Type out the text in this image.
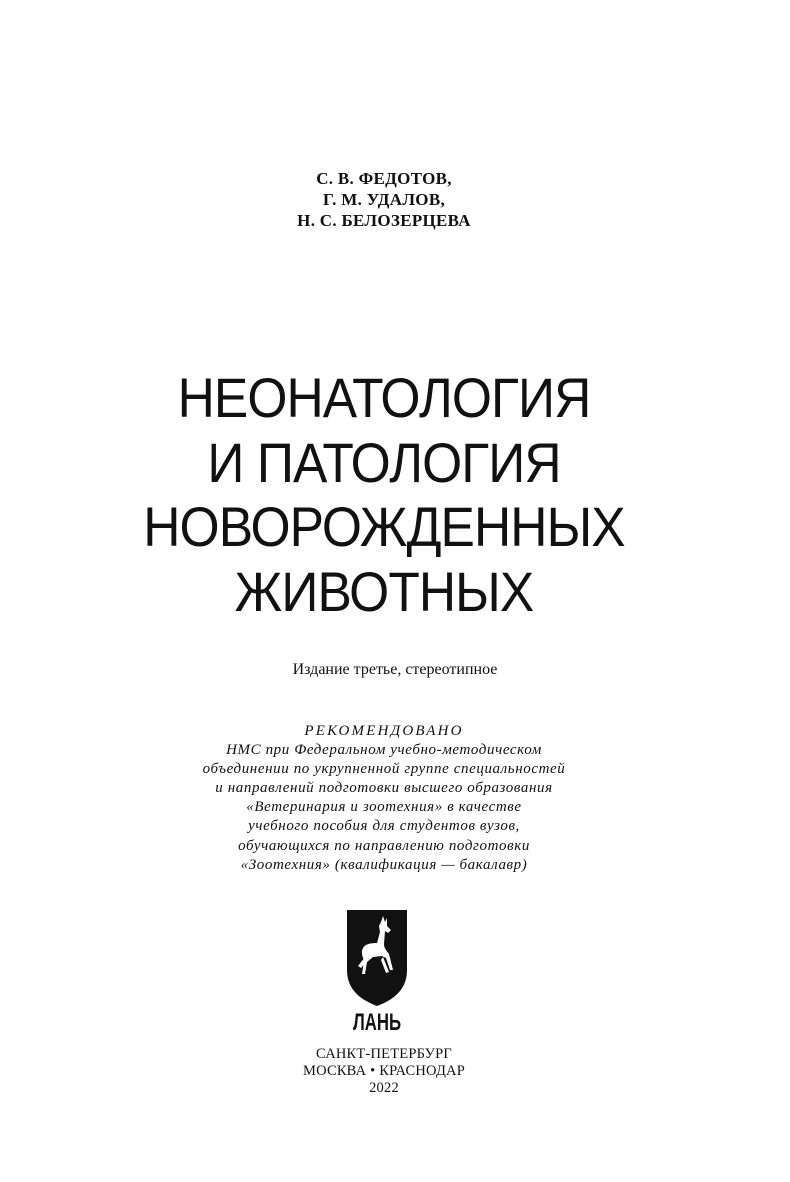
С. В. ФЕДОТОВ,
Г. М. УДАЛОВ,
Н. С. БЕЛОЗЕРЦЕВА
НЕОНАТОЛОГИЯ
И ПАТОЛОГИЯ
НОВОРОЖДЕННЫХ
ЖИВОТНЫХ
Издание третье, стереотипное
РЕКОМЕНДОВАНО
НМС при Федеральном учебно-методическом
объединении по укрупненной группе специальностей
и направлений подготовки высшего образования
«Ветеринария и зоотехния» в качестве
учебного пособия для студентов вузов,
обучающихся по направлению подготовки
«Зоотехния» (квалификация — бакалавр)
ЛАНЬ
САНКТ-ПЕТЕРБУРГ
МОСКВА • КРАСНОДАР
2022
